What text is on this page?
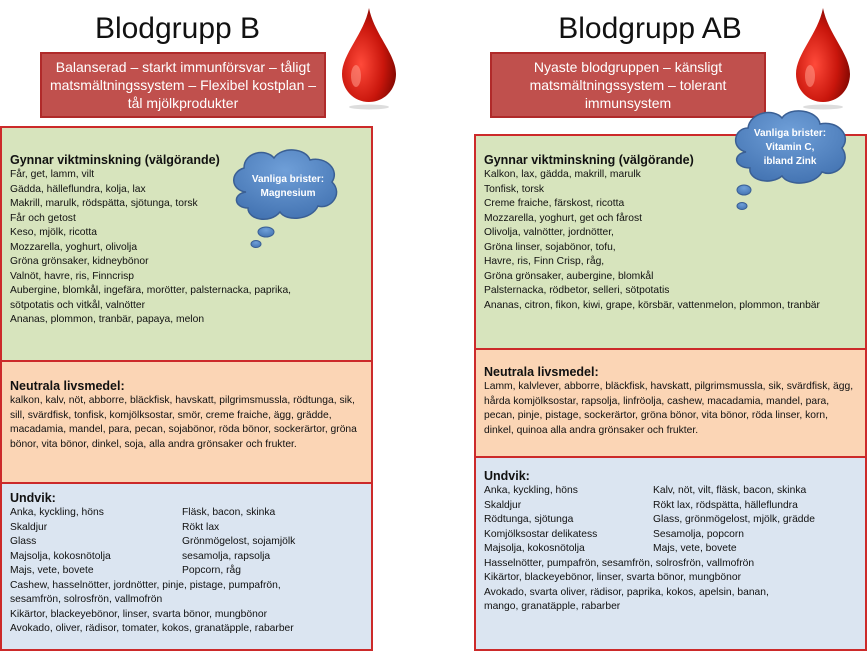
Blodgrupp B
Balanserad – starkt immunförsvar – tåligt matsmältningssystem – Flexibel kostplan – tål mjölkprodukter
Gynnar viktminskning (välgörande)
Får, get, lamm, vilt
Gädda, hälleflundra, kolja, lax
Makrill, marulk, rödspätta, sjötunga, torsk
Får och getost
Keso, mjölk, ricotta
Mozzarella, yoghurt, olivolja
Gröna grönsaker, kidneybönor
Valnöt, havre, ris, Finncrisp
Aubergine, blomkål, ingefära, morötter, palsternacka, paprika,
sötpotatis och vitkål, valnötter
Ananas, plommon, tranbär, papaya, melon
Neutrala livsmedel:
kalkon, kalv, nöt, abborre, bläckfisk, havskatt, pilgrimsmussla, rödtunga, sik, sill, svärdfisk, tonfisk, komjölksostar, smör, creme fraiche, ägg, grädde, macadamia, mandel, para, pecan, sojabönor, röda bönor, sockerärtor, gröna bönor, vita bönor, dinkel, soja, alla andra grönsaker och frukter.
Undvik:
Anka, kyckling, höns	Fläsk, bacon, skinka
Skaldjur	Rökt lax
Glass	Grönmögelost, sojamjölk
Majsolja, kokosnötolja	sesamolja, rapsolja
Majs, vete, bovete	Popcorn, råg
Cashew, hasselnötter, jordnötter, pinje, pistage, pumpafrön,
sesamfrön, solrosfrön, vallmofrön
Kikärtor, blackeyebönor, linser, svarta bönor, mungbönor
Avokado, oliver, rädisor, tomater, kokos, granatäpple, rabarber
Vanliga brister:
Magnesium
Blodgrupp AB
Nyaste blodgruppen – känsligt matsmältningssystem – tolerant immunsystem
Gynnar viktminskning (välgörande)
Kalkon, lax, gädda, makrill, marulk
Tonfisk, torsk
Creme fraiche, färskost, ricotta
Mozzarella, yoghurt, get och fårost
Olivolja, valnötter, jordnötter,
Gröna linser, sojabönor, tofu,
Havre, ris, Finn Crisp, råg,
Gröna grönsaker, aubergine, blomkål
Palsternacka, rödbetor, selleri, sötpotatis
Ananas, citron, fikon, kiwi, grape, körsbär, vattenmelon, plommon, tranbär
Neutrala livsmedel:
Lamm, kalvlever, abborre, bläckfisk, havskatt, pilgrimsmussla, sik, svärdfisk, ägg, hårda komjölksostar, rapsolja, linfröolja, cashew, macadamia, mandel, para, pecan, pinje, pistage, sockerärtor, gröna bönor, vita bönor, röda linser, korn, dinkel, quinoa alla andra grönsaker och frukter.
Undvik:
Anka, kyckling, höns	Kalv, nöt, vilt, fläsk, bacon, skinka
Skaldjur	Rökt lax, rödspätta, hälleflundra
Rödtunga, sjötunga	Glass, grönmögelost, mjölk, grädde
Komjölksostar delikatess	Sesamolja, popcorn
Majsolja, kokosnötolja	Majs, vete, bovete
Hasselnötter, pumpafrön, sesamfrön, solrosfrön, vallmofrön
Kikärtor, blackeyebönor, linser, svarta bönor, mungbönor
Avokado, svarta oliver, rädisor, paprika, kokos, apelsin, banan,
mango, granatäpple, rabarber
Vanliga brister:
Vitamin C,
ibland Zink
